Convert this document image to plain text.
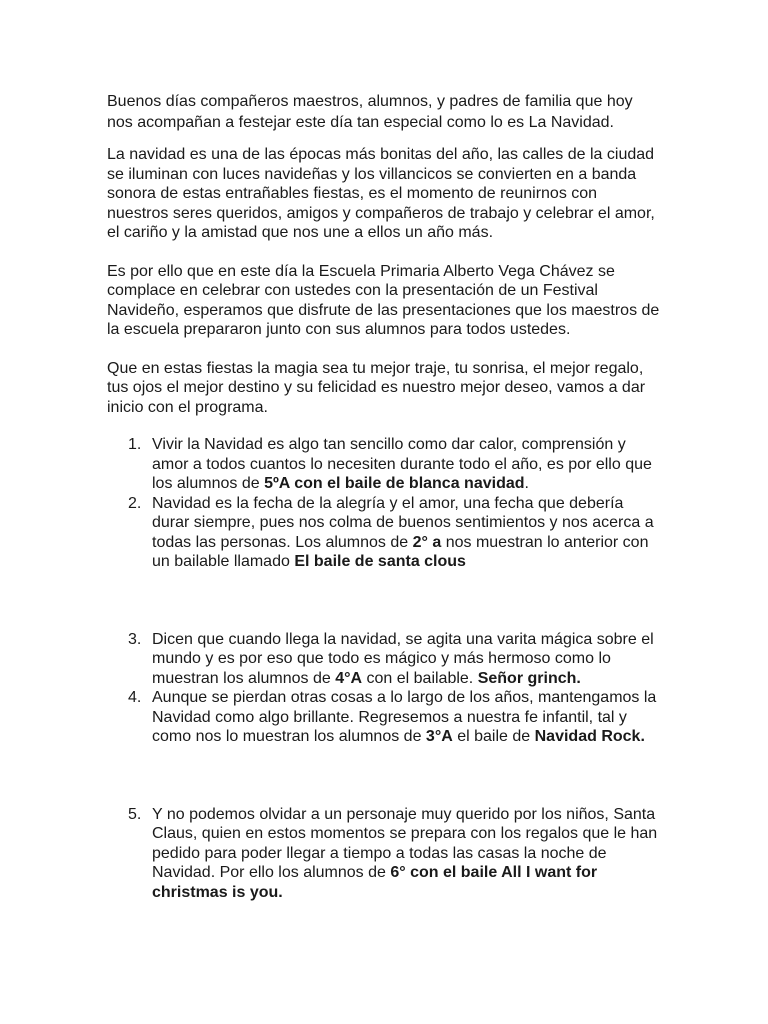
Buenos días compañeros maestros, alumnos, y padres de familia que hoy nos acompañan a festejar este día tan especial como lo es La Navidad.

La navidad es una de las épocas más bonitas del año, las calles de la ciudad se iluminan con luces navideñas y los villancicos se convierten en a banda sonora de estas entrañables fiestas, es el momento de reunirnos con nuestros seres queridos, amigos y compañeros de trabajo y celebrar el amor, el cariño y la amistad que nos une a ellos un año más.

Es por ello que en este día la Escuela Primaria Alberto Vega Chávez se complace en celebrar con ustedes con la presentación de un Festival Navideño, esperamos que disfrute de las presentaciones que los maestros de la escuela prepararon junto con sus alumnos para todos ustedes.

Que en estas fiestas la magia sea tu mejor traje, tu sonrisa, el mejor regalo, tus ojos el mejor destino y su felicidad es nuestro mejor deseo, vamos a dar inicio con el programa.

1. Vivir la Navidad es algo tan sencillo como dar calor, comprensión y amor a todos cuantos lo necesiten durante todo el año, es por ello que los alumnos de 5ºA con el baile de blanca navidad.
2. Navidad es la fecha de la alegría y el amor, una fecha que debería durar siempre, pues nos colma de buenos sentimientos y nos acerca a todas las personas. Los alumnos de 2° a nos muestran lo anterior con un bailable llamado El baile de santa clous
3. Dicen que cuando llega la navidad, se agita una varita mágica sobre el mundo y es por eso que todo es mágico y más hermoso como lo muestran los alumnos de 4°A con el bailable. Señor grinch.
4. Aunque se pierdan otras cosas a lo largo de los años, mantengamos la Navidad como algo brillante. Regresemos a nuestra fe infantil, tal y como nos lo muestran los alumnos de 3°A el baile de Navidad Rock.
5. Y no podemos olvidar a un personaje muy querido por los niños, Santa Claus, quien en estos momentos se prepara con los regalos que le han pedido para poder llegar a tiempo a todas las casas la noche de Navidad. Por ello los alumnos de 6° con el baile All I want for christmas is you.
